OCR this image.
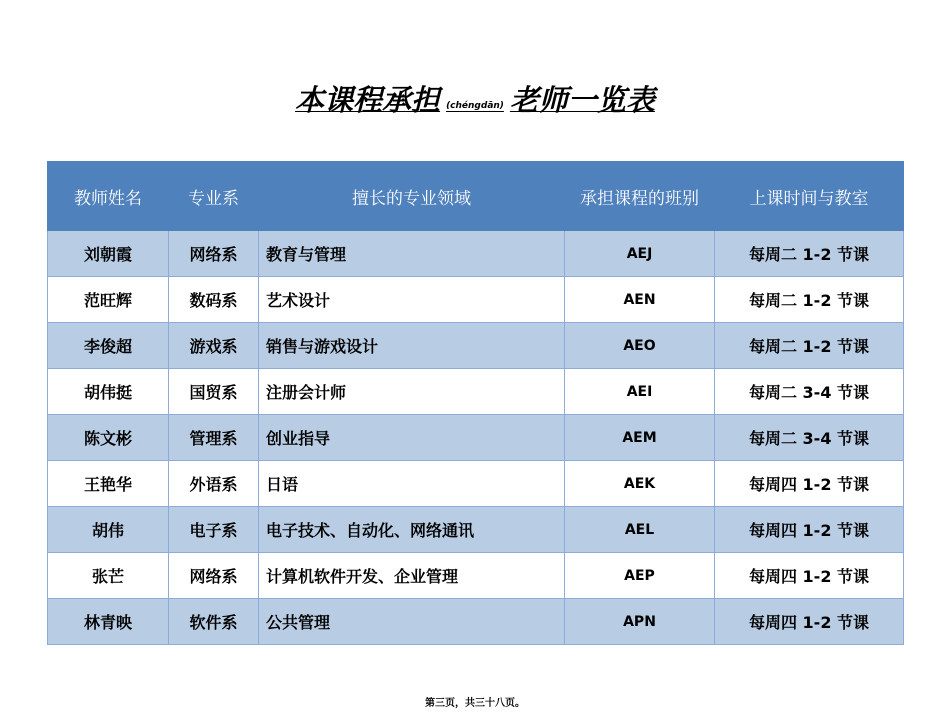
本课程承担 (chéngdān) 老师一览表
教师姓名	专业系	擅长的专业领域	承担课程的班别	上课时间与教室
刘朝霞	网络系	教育与管理	AEJ	每周二 1-2 节课
范旺辉	数码系	艺术设计	AEN	每周二 1-2 节课
李俊超	游戏系	销售与游戏设计	AEO	每周二 1-2 节课
胡伟挺	国贸系	注册会计师	AEI	每周二 3-4 节课
陈文彬	管理系	创业指导	AEM	每周二 3-4 节课
王艳华	外语系	日语	AEK	每周四 1-2 节课
胡伟	电子系	电子技术、自动化、网络通讯	AEL	每周四 1-2 节课
张芒	网络系	计算机软件开发、企业管理	AEP	每周四 1-2 节课
林青映	软件系	公共管理	APN	每周四 1-2 节课
第三页，共三十八页。
